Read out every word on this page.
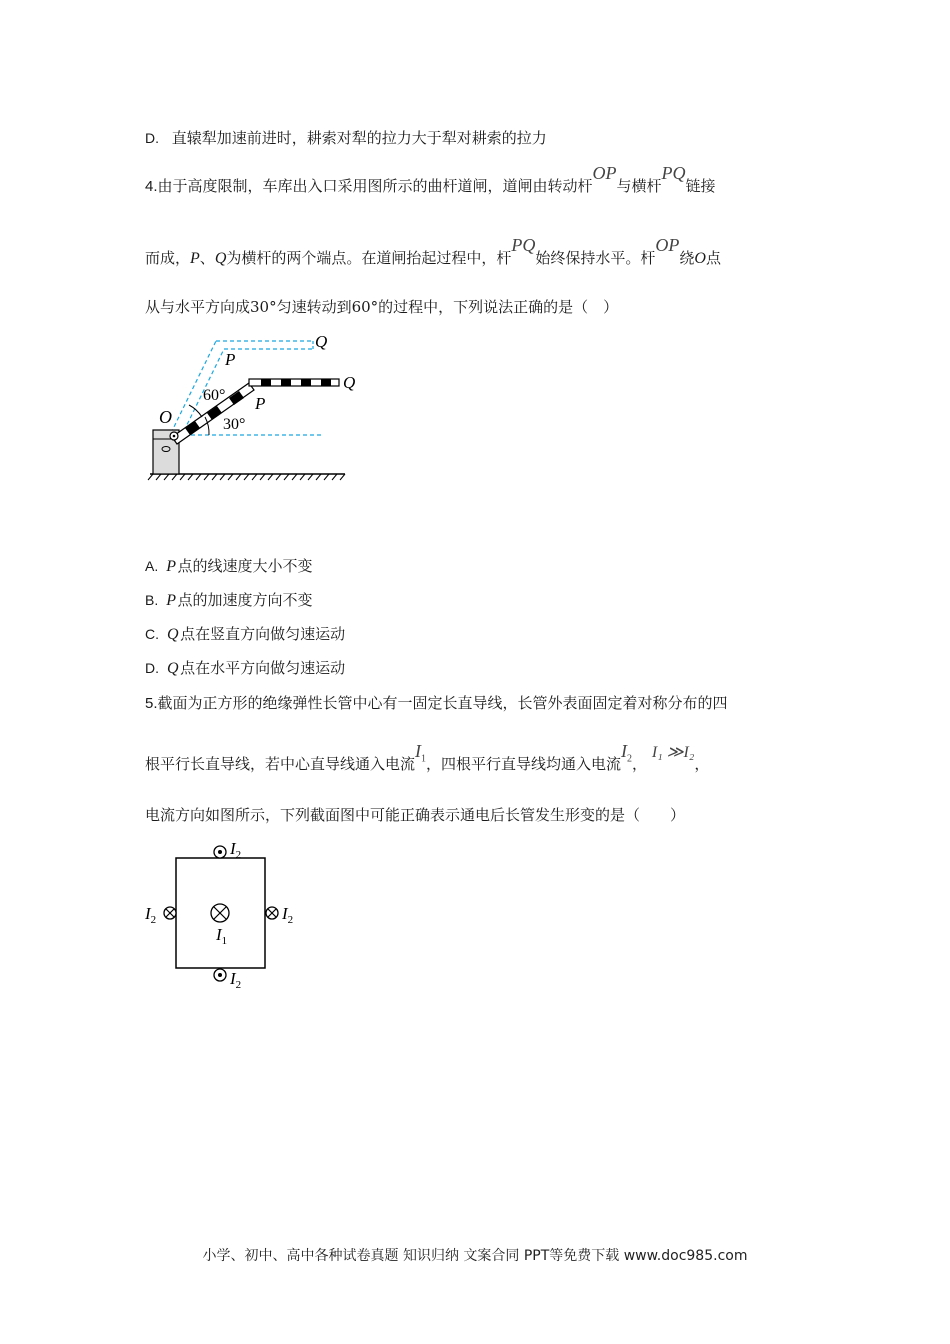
D. 直辕犁加速前进时，耕索对犁的拉力大于犁对耕索的拉力
4.由于高度限制，车库出入口采用图所示的曲杆道闸，道闸由转动杆OP与横杆PQ链接
而成，P、Q为横杆的两个端点。在道闸抬起过程中，杆PQ始终保持水平。杆OP绕O点
从与水平方向成30°匀速转动到60°的过程中，下列说法正确的是（　）
O
P
Q
P
Q
60°
30°
A. P  点的线速度大小不变
B. P  点的加速度方向不变
C. Q  点在竖直方向做匀速运动
D. Q  点在水平方向做匀速运动
5.截面为正方形的绝缘弹性长管中心有一固定长直导线，长管外表面固定着对称分布的四
根平行长直导线，若中心直导线通入电流$I_1$，四根平行直导线均通入电流$I_2$， I₁ ≫I₂，
电流方向如图所示，下列截面图中可能正确表示通电后长管发生形变的是（　　）
$I_2$
$I_2$	$I_2$
$I_1$
$I_2$
小学、初中、高中各种试卷真题 知识归纳 文案合同 PPT等免费下载 www.doc985.com
